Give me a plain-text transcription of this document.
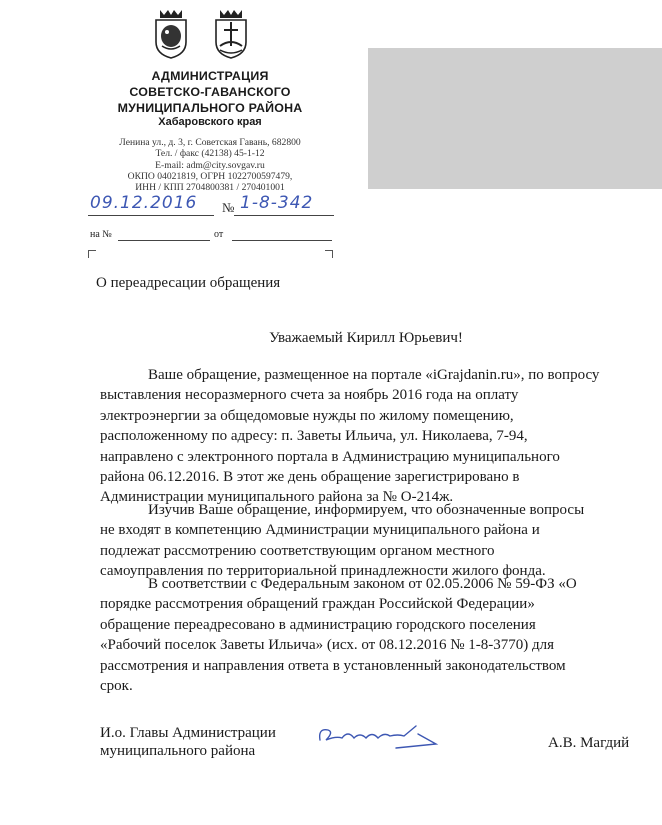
АДМИНИСТРАЦИЯ
СОВЕТСКО-ГАВАНСКОГО
МУНИЦИПАЛЬНОГО РАЙОНА
Хабаровского края
Ленина ул., д. 3, г. Советская Гавань, 682800
Тел. / факс (42138) 45-1-12
E-mail: adm@city.sovgav.ru
ОКПО 04021819, ОГРН 1022700597479,
ИНН / КПП 2704800381 / 270401001
09.12.2016 № 1-8-342
на №	от
О переадресации обращения
Уважаемый Кирилл Юрьевич!
Ваше обращение, размещенное на портале «iGrajdanin.ru», по вопросу
выставления несоразмерного счета за ноябрь 2016 года на оплату
электроэнергии за общедомовые нужды по жилому помещению,
расположенному по адресу: п. Заветы Ильича, ул. Николаева, 7-94,
направлено с электронного портала в Администрацию муниципального
района 06.12.2016. В этот же день обращение зарегистрировано в
Администрации муниципального района за № О-214ж.
Изучив Ваше обращение, информируем, что обозначенные вопросы
не входят в компетенцию Администрации муниципального района и
подлежат рассмотрению соответствующим органом местного
самоуправления по территориальной принадлежности жилого фонда.
В соответствии с Федеральным законом от 02.05.2006 № 59-ФЗ «О
порядке рассмотрения обращений граждан Российской Федерации»
обращение переадресовано в администрацию городского поселения
«Рабочий поселок Заветы Ильича» (исх. от 08.12.2016 № 1-8-3770) для
рассмотрения и направления ответа в установленный законодательством
срок.
И.о. Главы Администрации
муниципального района	А.В. Магдий
